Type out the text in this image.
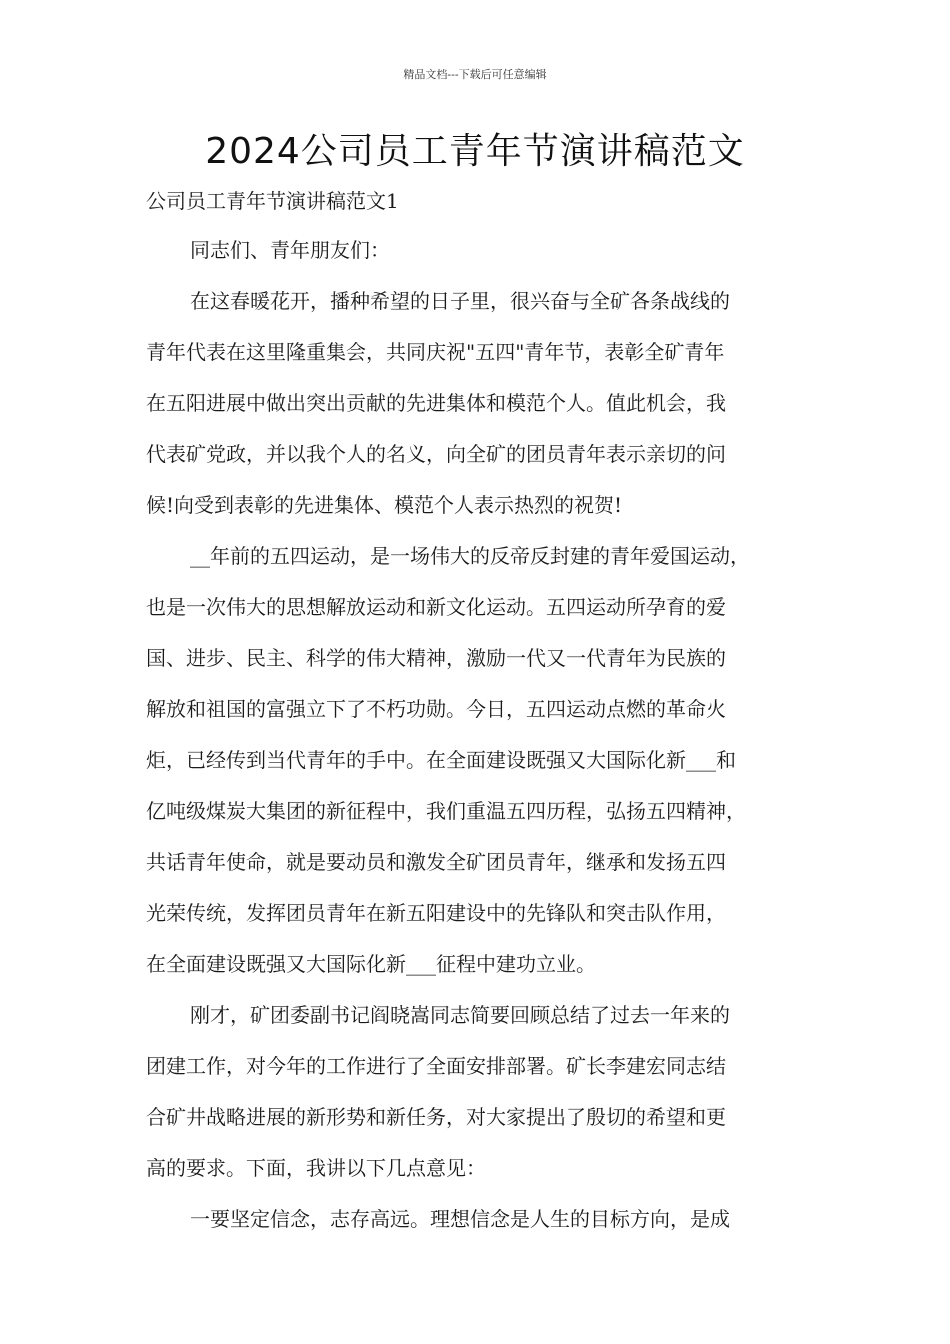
精品文档---下载后可任意编辑
2024公司员工青年节演讲稿范文
公司员工青年节演讲稿范文1
同志们、青年朋友们：
在这春暖花开，播种希望的日子里，很兴奋与全矿各条战线的
青年代表在这里隆重集会，共同庆祝"五四"青年节，表彰全矿青年
在五阳进展中做出突出贡献的先进集体和模范个人。值此机会，我
代表矿党政，并以我个人的名义，向全矿的团员青年表示亲切的问
候!向受到表彰的先进集体、模范个人表示热烈的祝贺!
__年前的五四运动，是一场伟大的反帝反封建的青年爱国运动，
也是一次伟大的思想解放运动和新文化运动。五四运动所孕育的爱
国、进步、民主、科学的伟大精神，激励一代又一代青年为民族的
解放和祖国的富强立下了不朽功勋。今日，五四运动点燃的革命火
炬，已经传到当代青年的手中。在全面建设既强又大国际化新___和
亿吨级煤炭大集团的新征程中，我们重温五四历程，弘扬五四精神，
共话青年使命，就是要动员和激发全矿团员青年，继承和发扬五四
光荣传统，发挥团员青年在新五阳建设中的先锋队和突击队作用，
在全面建设既强又大国际化新___征程中建功立业。
刚才，矿团委副书记阎晓嵩同志简要回顾总结了过去一年来的
团建工作，对今年的工作进行了全面安排部署。矿长李建宏同志结
合矿井战略进展的新形势和新任务，对大家提出了殷切的希望和更
高的要求。下面，我讲以下几点意见：
一要坚定信念，志存高远。理想信念是人生的目标方向，是成
